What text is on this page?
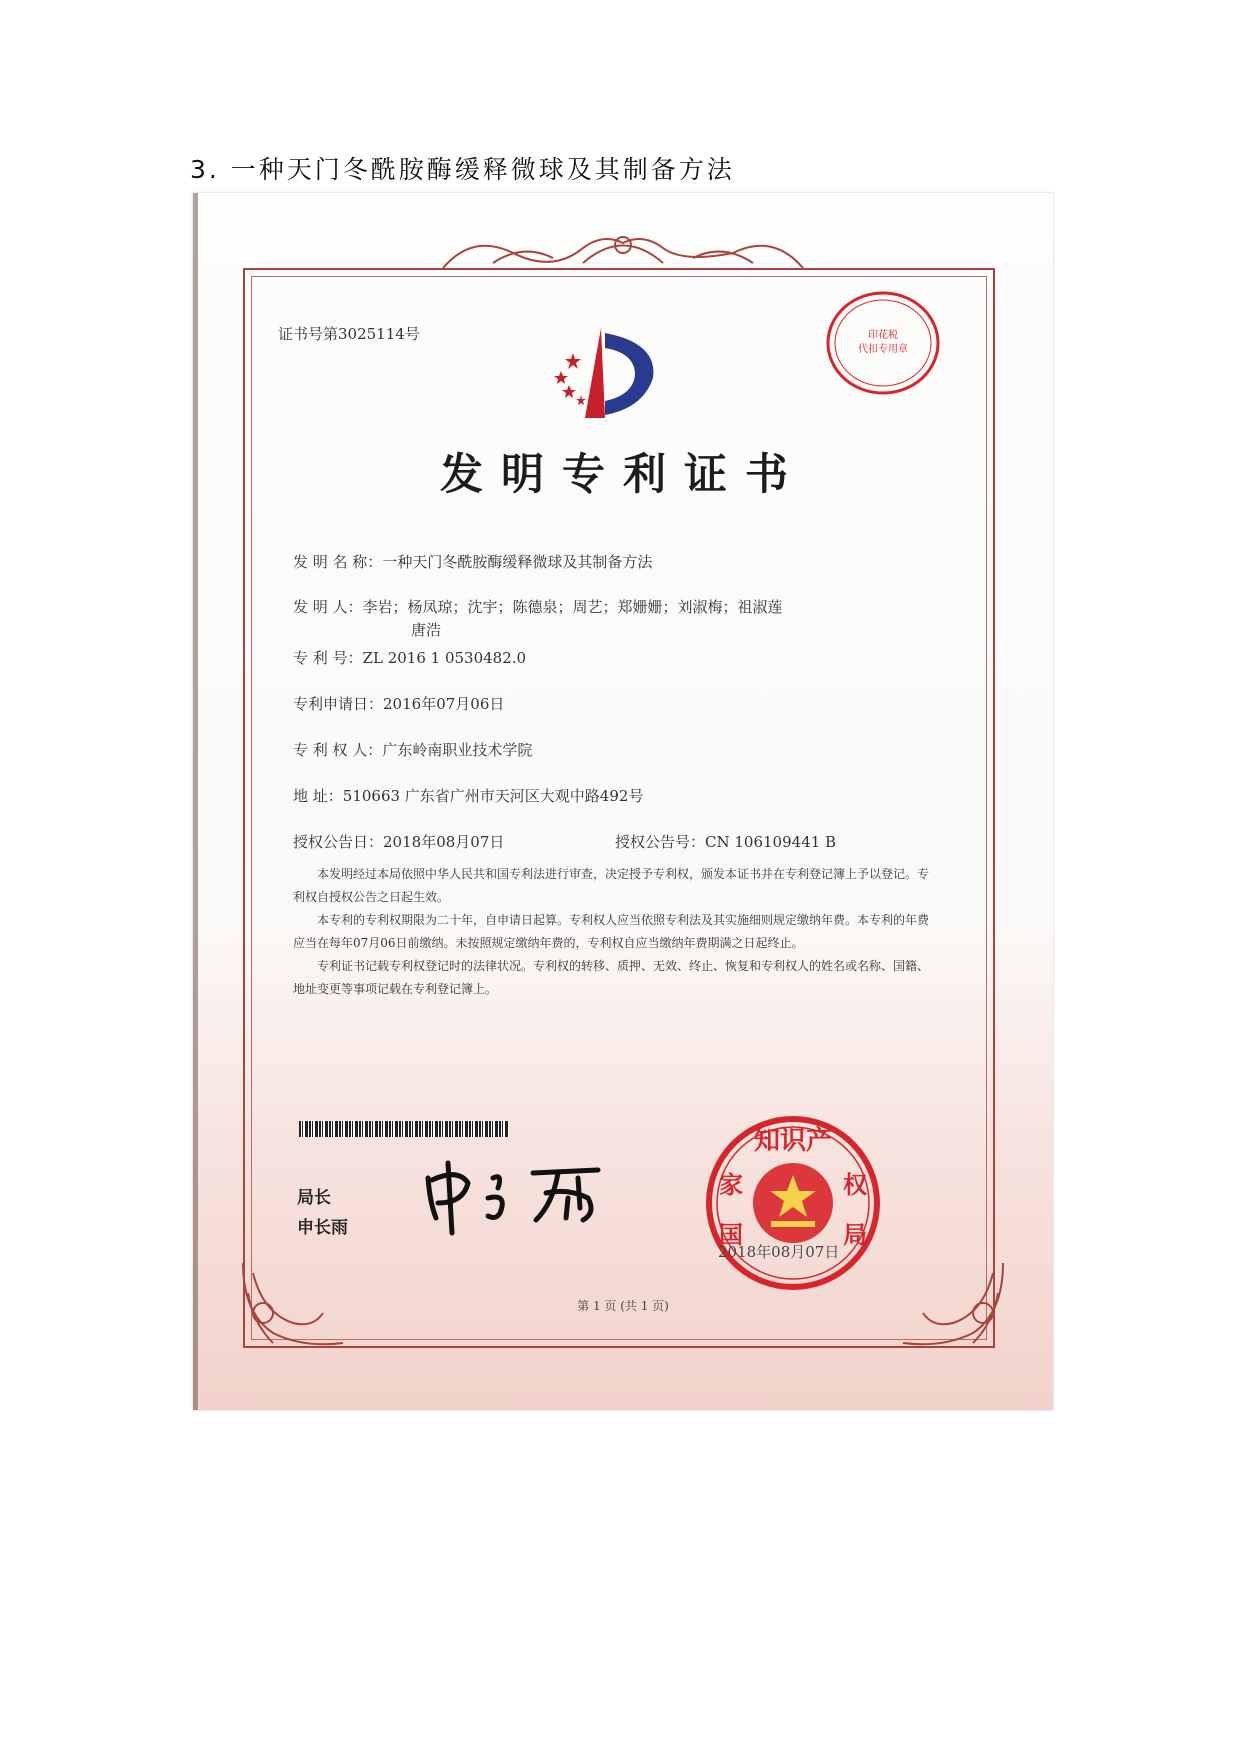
3. 一种天门冬酰胺酶缓释微球及其制备方法
证书号第3025114号	印花税
代扣专用章
发明专利证书
发 明 名 称：一种天门冬酰胺酶缓释微球及其制备方法
发 明 人：李岩；杨凤琼；沈宇；陈德泉；周艺；郑姗姗；刘淑梅；祖淑莲
唐浩
专 利 号：ZL 2016 1 0530482.0
专利申请日：2016年07月06日
专 利 权 人：广东岭南职业技术学院
地 址：510663 广东省广州市天河区大观中路492号
授权公告日：2018年08月07日	授权公告号：CN 106109441 B

本发明经过本局依照中华人民共和国专利法进行审查，决定授予专利权，颁发本证书并在专利登记簿上予以登记。专利权自授权公告之日起生效。

本专利的专利权期限为二十年，自申请日起算。专利权人应当依照专利法及其实施细则规定缴纳年费。本专利的年费应当在每年07月06日前缴纳。未按照规定缴纳年费的，专利权自应当缴纳年费期满之日起终止。

专利证书记载专利权登记时的法律状况。专利权的转移、质押、无效、终止、恢复和专利权人的姓名或名称、国籍、地址变更等事项记载在专利登记簿上。

局长
申长雨
知识产
家	权
国	局
2018年08月07日
第 1 页 (共 1 页)
